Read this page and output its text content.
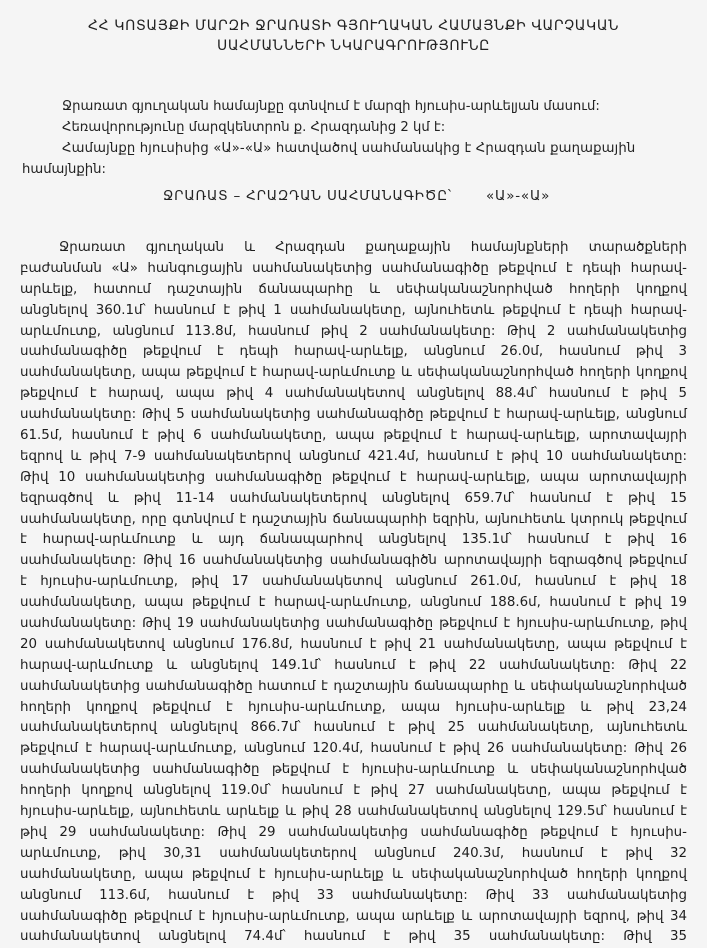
ՀՀ ԿՈՏԱՅՔԻ ՄԱՐԶԻ ՋՐԱՌԱՏԻ ԳՅՈՒՂԱԿԱՆ ՀԱՄԱՅՆՔԻ ՎԱՐՉԱԿԱՆ
ՍԱՀՄԱՆՆԵՐԻ ՆԿԱՐԱԳՐՈՒԹՅՈՒՆԸ
Ջրառատ գյուղական համայնքը գտնվում է մարզի հյուսիս-արևելյան մասում:
Հեռավորությունը մարզկենտրոն ք. Հրազդանից 2 կմ է:
Համայնքը հյուսիսից «Ա»-«Ա» հատվածով սահմանակից է Հրազդան քաղաքային
համայնքին:
ՋՐԱՌԱՏ – ՀՐԱԶԴԱՆ ՍԱՀՄԱՆԱԳԻԾԸ՝	«Ա»-«Ա»
Ջրառատ գյուղական և Հրազդան քաղաքային համայնքների տարածքների
բաժանման «Ա» հանգուցային սահմանակետից սահմանագիծը թեքվում է դեպի հարավ-
արևելք, հատում դաշտային ճանապարհը և սեփականաշնորհված հողերի կողքով
անցնելով 360.1մ՝ հասնում է թիվ 1 սահմանակետը, այնուհետև թեքվում է դեպի հարավ-
արևմուտք, անցնում 113.8մ, հասնում թիվ 2 սահմանակետը: Թիվ 2 սահմանակետից
սահմանագիծը թեքվում է դեպի հարավ-արևելք, անցնում 26.0մ, հասնում թիվ 3
սահմանակետը, ապա թեքվում է հարավ-արևմուտք և սեփականաշնորհված հողերի կողքով
թեքվում է հարավ, ապա թիվ 4 սահմանակետով անցնելով 88.4մ՝ հասնում է թիվ 5
սահմանակետը: Թիվ 5 սահմանակետից սահմանագիծը թեքվում է հարավ-արևելք, անցնում
61.5մ, հասնում է թիվ 6 սահմանակետը, ապա թեքվում է հարավ-արևելք, արոտավայրի
եզրով և թիվ 7-9 սահմանակետերով անցնում 421.4մ, հասնում է թիվ 10 սահմանակետը:
Թիվ 10 սահմանակետից սահմանագիծը թեքվում է հարավ-արևելք, ապա արոտավայրի
եզրագծով և թիվ 11-14 սահմանակետերով անցնելով 659.7մ՝ հասնում է թիվ 15
սահմանակետը, որը գտնվում է դաշտային ճանապարհի եզրին, այնուհետև կտրուկ թեքվում
է հարավ-արևմուտք և այդ ճանապարհով անցնելով 135.1մ՝ հասնում է թիվ 16
սահմանակետը: Թիվ 16 սահմանակետից սահմանագիծն արոտավայրի եզրագծով թեքվում
է հյուսիս-արևմուտք, թիվ 17 սահմանակետով անցնում 261.0մ, հասնում է թիվ 18
սահմանակետը, ապա թեքվում է հարավ-արևմուտք, անցնում 188.6մ, հասնում է թիվ 19
սահմանակետը: Թիվ 19 սահմանակետից սահմանագիծը թեքվում է հյուսիս-արևմուտք, թիվ
20 սահմանակետով անցնում 176.8մ, հասնում է թիվ 21 սահմանակետը, ապա թեքվում է
հարավ-արևմուտք և անցնելով 149.1մ՝ հասնում է թիվ 22 սահմանակետը: Թիվ 22
սահմանակետից սահմանագիծը հատում է դաշտային ճանապարհը և սեփականաշնորհված
հողերի կողքով թեքվում է հյուսիս-արևմուտք, ապա հյուսիս-արևելք և թիվ 23,24
սահմանակետերով անցնելով 866.7մ՝ հասնում է թիվ 25 սահմանակետը, այնուհետև
թեքվում է հարավ-արևմուտք, անցնում 120.4մ, հասնում է թիվ 26 սահմանակետը: Թիվ 26
սահմանակետից սահմանագիծը թեքվում է հյուսիս-արևմուտք և սեփականաշնորհված
հողերի կողքով անցնելով 119.0մ՝ հասնում է թիվ 27 սահմանակետը, ապա թեքվում է
հյուսիս-արևելք, այնուհետև արևելք և թիվ 28 սահմանակետով անցնելով 129.5մ՝ հասնում է
թիվ 29 սահմանակետը: Թիվ 29 սահմանակետից սահմանագիծը թեքվում է հյուսիս-
արևմուտք, թիվ 30,31 սահմանակետերով անցնում 240.3մ, հասնում է թիվ 32
սահմանակետը, ապա թեքվում է հյուսիս-արևելք և սեփականաշնորհված հողերի կողքով
անցնում 113.6մ, հասնում է թիվ 33 սահմանակետը: Թիվ 33 սահմանակետից
սահմանագիծը թեքվում է հյուսիս-արևմուտք, ապա արևելք և արոտավայրի եզրով, թիվ 34
սահմանակետով անցնելով 74.4մ՝ հասնում է թիվ 35 սահմանակետը: Թիվ 35
